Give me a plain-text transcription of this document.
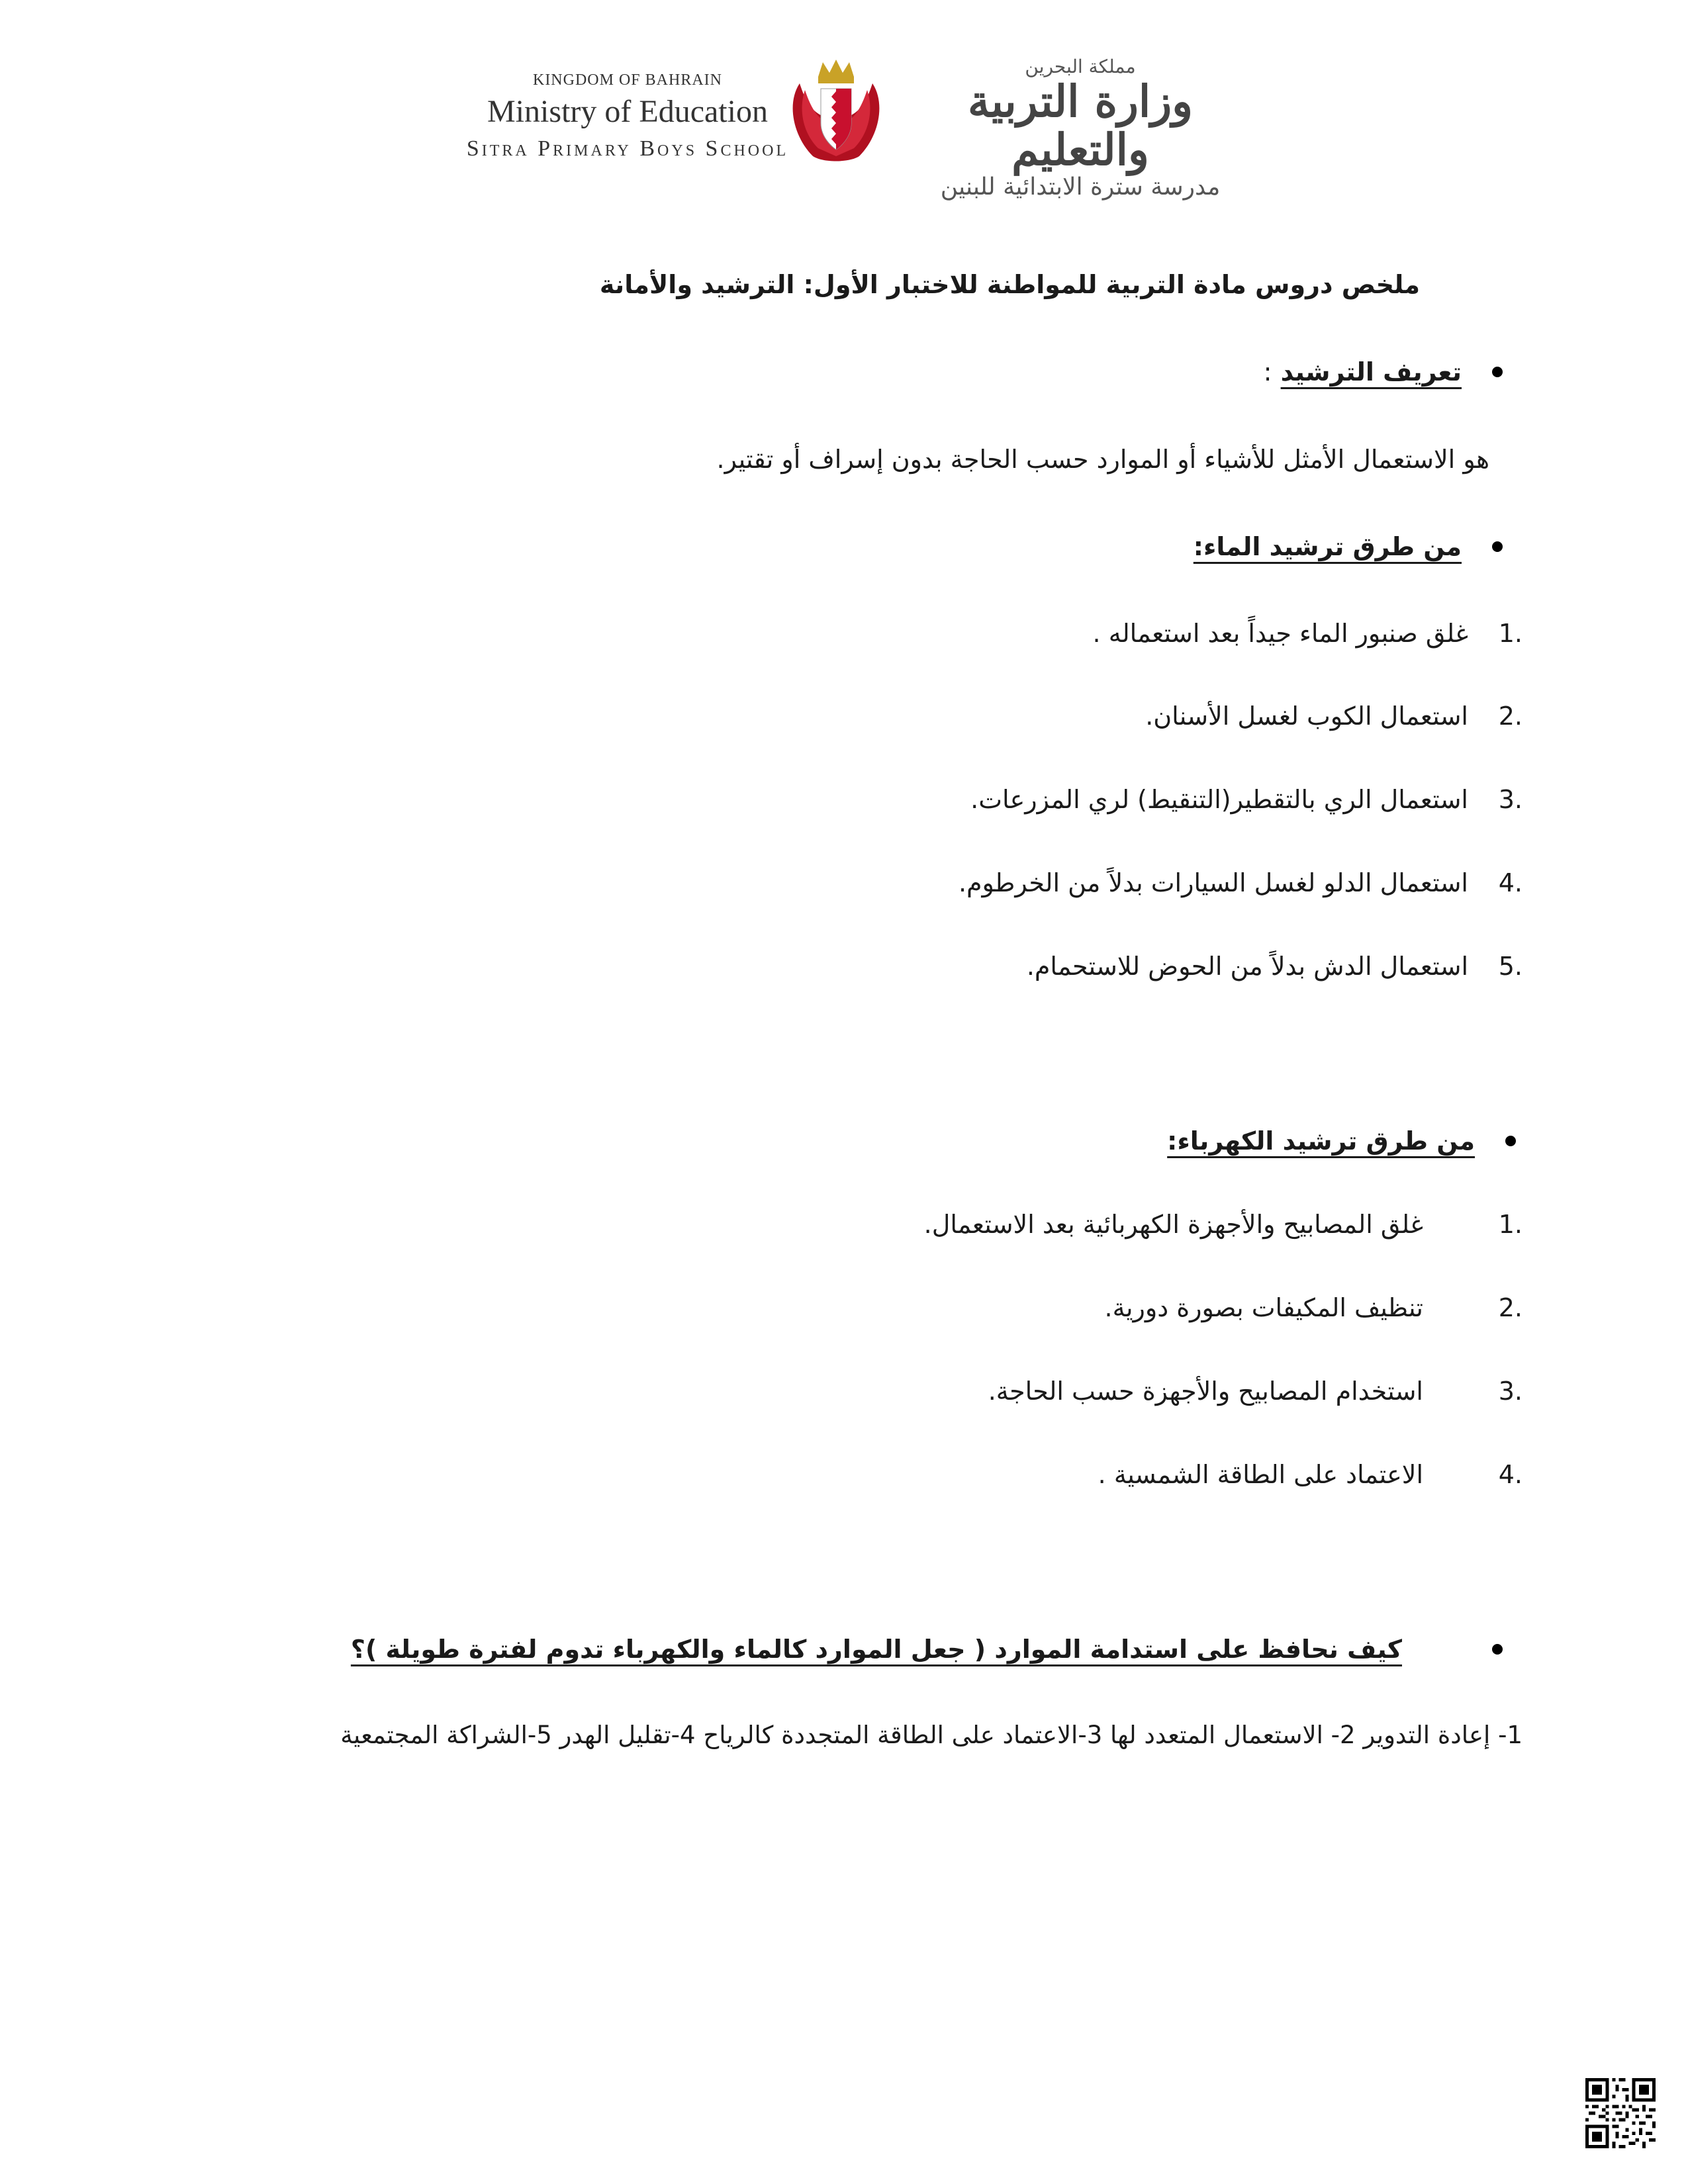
KINGDOM OF BAHRAIN
Ministry of Education
Sitra Primary Boys School
مملكة البحرين
وزارة التربية والتعليم
مدرسة سترة الابتدائية للبنين
ملخص دروس مادة التربية للمواطنة للاختبار الأول: الترشيد والأمانة
تعريف الترشيد :
هو الاستعمال الأمثل للأشياء أو الموارد حسب الحاجة بدون إسراف أو تقتير.
من طرق ترشيد الماء:
1.
غلق صنبور الماء جيداً بعد استعماله .
2.
استعمال الكوب لغسل الأسنان.
3.
استعمال الري بالتقطير(التنقيط) لري المزرعات.
4.
استعمال الدلو لغسل السيارات بدلاً من الخرطوم.
5.
استعمال الدش بدلاً من الحوض للاستحمام.
من طرق ترشيد الكهرباء:
1.
غلق المصابيح والأجهزة الكهربائية بعد الاستعمال.
2.
تنظيف المكيفات بصورة دورية.
3.
استخدام المصابيح والأجهزة حسب الحاجة.
4.
الاعتماد على الطاقة الشمسية .
كيف نحافظ على استدامة الموارد ( جعل الموارد كالماء والكهرباء تدوم لفترة طويلة )؟
1- إعادة التدوير 2- الاستعمال المتعدد لها 3-الاعتماد على الطاقة المتجددة كالرياح 4-تقليل الهدر 5-الشراكة المجتمعية
